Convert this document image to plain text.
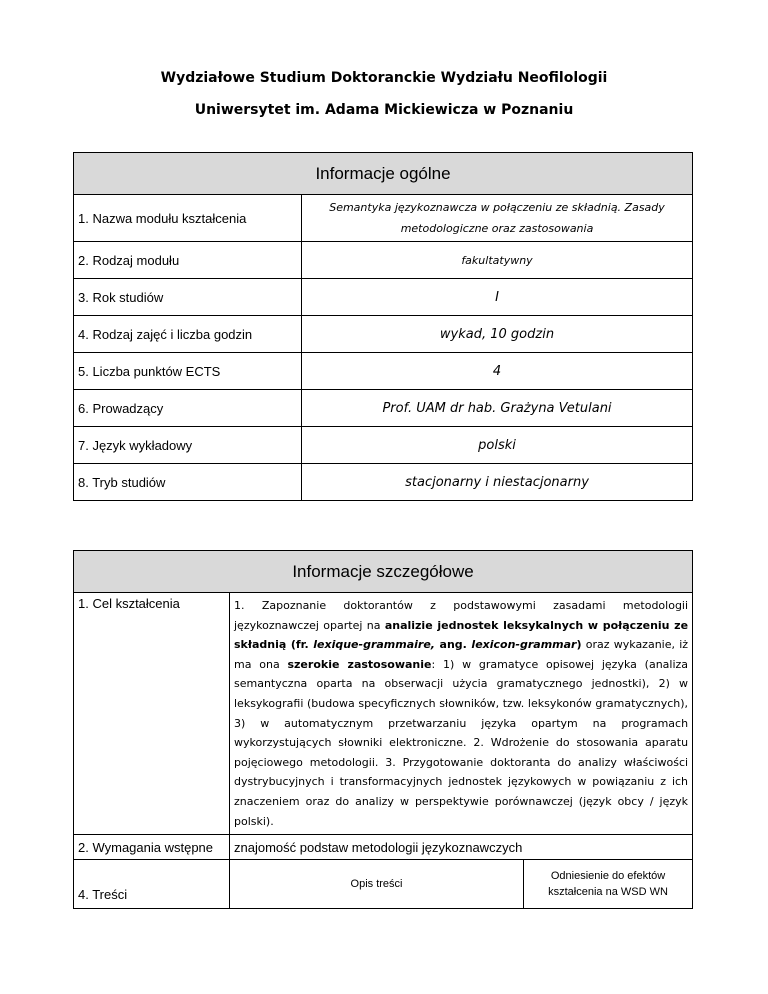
Wydziałowe Studium Doktoranckie Wydziału Neofilologii
Uniwersytet im. Adama Mickiewicza w Poznaniu
Informacje ogólne	
1. Nazwa modułu kształcenia	Semantyka językoznawcza w połączeniu ze składnią. Zasady metodologiczne oraz zastosowania
2. Rodzaj modułu	fakultatywny
3. Rok studiów	I
4. Rodzaj zajęć i liczba godzin	wykad, 10 godzin
5. Liczba punktów ECTS	4
6. Prowadzący	Prof. UAM dr hab. Grażyna Vetulani
7. Język wykładowy	polski
8. Tryb studiów	stacjonarny i niestacjonarny
Informacje szczegółowe		
1. Cel kształcenia	1. Zapoznanie doktorantów z podstawowymi zasadami metodologii językoznawczej opartej na analizie jednostek leksykalnych w połączeniu ze składnią (fr. lexique-grammaire, ang. lexicon-grammar) oraz wykazanie, iż ma ona szerokie zastosowanie: 1) w gramatyce opisowej języka (analiza semantyczna oparta na obserwacji użycia gramatycznego jednostki), 2) w leksykografii (budowa specyficznych słowników, tzw. leksykonów gramatycznych), 3) w automatycznym przetwarzaniu języka opartym na programach wykorzystujących słowniki elektroniczne. 2. Wdrożenie do stosowania aparatu pojęciowego metodologii. 3. Przygotowanie doktoranta do analizy właściwości dystrybucyjnych i transformacyjnych jednostek językowych w powiązaniu z ich znaczeniem oraz do analizy w perspektywie porównawczej (język obcy / język polski).	
2. Wymagania wstępne	znajomość podstaw metodologii językoznawczych	
4. Treści	Opis treści	Odniesienie do efektów kształcenia na WSD WN
